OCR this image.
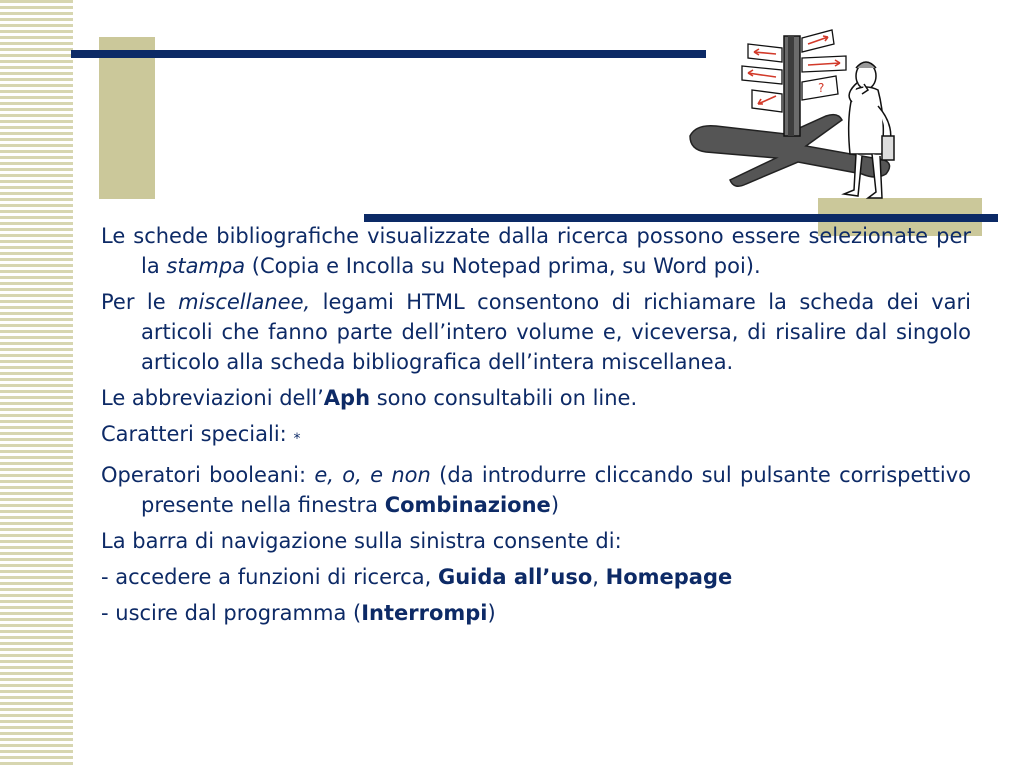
?

Le schede bibliografiche visualizzate dalla ricerca possono essere selezionate per la stampa (Copia e Incolla su Notepad prima, su Word poi).

Per le miscellanee, legami HTML consentono di richiamare la scheda dei vari articoli che fanno parte dell’intero volume e, viceversa, di risalire dal singolo articolo alla scheda bibliografica dell’intera miscellanea.

Le abbreviazioni dell’Aph sono consultabili on line.

Caratteri speciali: *

Operatori booleani: e, o, e non (da introdurre cliccando sul pulsante corrispettivo presente nella finestra Combinazione)

La barra di navigazione sulla sinistra consente di:

- accedere a funzioni di ricerca, Guida all’uso, Homepage

- uscire dal programma (Interrompi)
